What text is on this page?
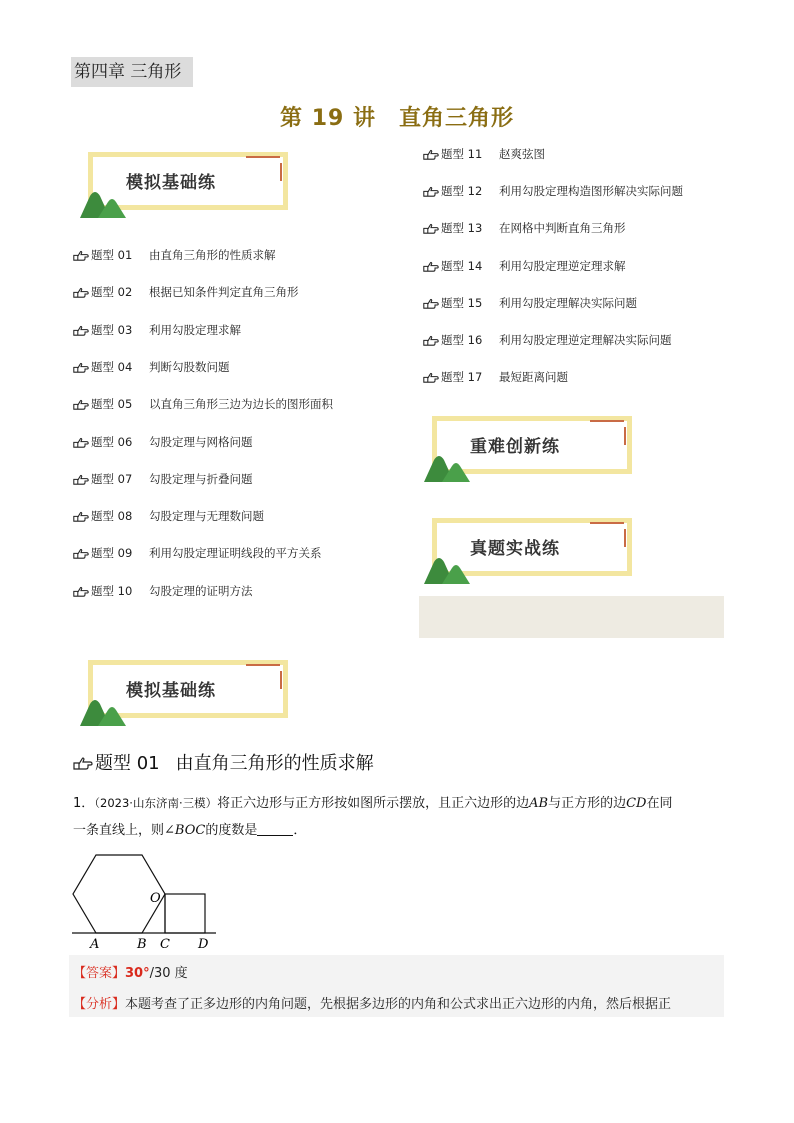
第四章 三角形
第 19 讲　直角三角形
模拟基础练
题型 01	由直角三角形的性质求解
题型 02	根据已知条件判定直角三角形
题型 03	利用勾股定理求解
题型 04	判断勾股数问题
题型 05	以直角三角形三边为边长的图形面积
题型 06	勾股定理与网格问题
题型 07	勾股定理与折叠问题
题型 08	勾股定理与无理数问题
题型 09	利用勾股定理证明线段的平方关系
题型 10	勾股定理的证明方法
题型 11	赵爽弦图
题型 12	利用勾股定理构造图形解决实际问题
题型 13	在网格中判断直角三角形
题型 14	利用勾股定理逆定理求解
题型 15	利用勾股定理解决实际问题
题型 16	利用勾股定理逆定理解决实际问题
题型 17	最短距离问题
重难创新练
真题实战练
模拟基础练
题型 01 由直角三角形的性质求解
1．（2023·山东济南·三模）将正六边形与正方形按如图所示摆放，且正六边形的边AB与正方形的边CD在同
一条直线上，则∠BOC的度数是	．
A	B C D
O
【答案】30°/30 度
【分析】本题考查了正多边形的内角问题，先根据多边形的内角和公式求出正六边形的内角，然后根据正
